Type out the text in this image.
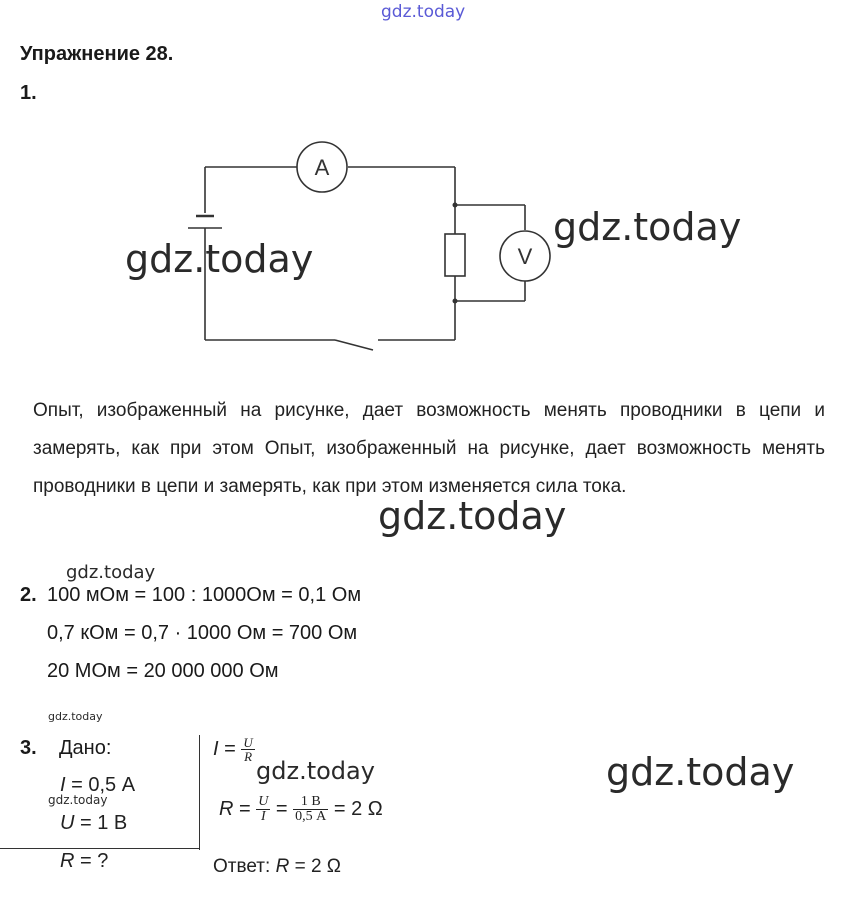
gdz.today
Упражнение 28.
1.
A
V
gdz.today
gdz.today
Опыт, изображенный на рисунке, дает возможность менять проводники в цепи и замерять, как при этом Опыт, изображенный на рисунке, дает возможность менять проводники в цепи и замерять, как при этом изменяется сила тока.
gdz.today
gdz.today
2. 100 мОм = 100 : 1000Ом = 0,1 Ом
0,7 кОм = 0,7 · 1000 Ом = 700 Ом
20 МОм = 20 000 000 Ом
gdz.today
3. Дано:
I = 0,5 А
gdz.today
U = 1 В
R = ?
$I = \frac{U}{R}$
gdz.today
$R = \frac{U}{I} = \frac{1 В}{0,5 А} = 2$ Ω
Ответ: R = 2 Ω
gdz.today
